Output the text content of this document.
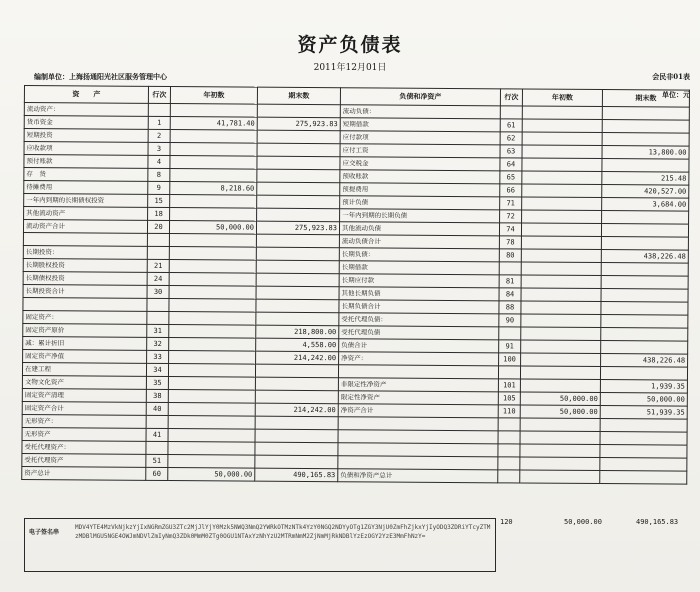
资产负债表
2011年12月01日
编制单位：上海扬通阳光社区服务管理中心	会民非01表
单位：元
资　　产	行次	年初数	期末数	负债和净资产	行次	年初数	期末数
流动资产：				流动负债：			
货币资金	1	41,781.40	275,923.83	短期借款	61		
短期投资	2			应付款项	62		
应收款项	3			应付工资	63		13,800.00
预付账款	4			应交税金	64		
存　货	8			预收账款	65		215.48
待摊费用	9	8,218.60		预提费用	66		420,527.00
一年内到期的长期债权投资	15			预计负债	71		3,684.00
其他流动资产	18			一年内到期的长期负债	72		
流动资产合计	20	50,000.00	275,923.83	其他流动负债	74		
				流动负债合计	78		
长期投资：				长期负债：	80		438,226.48
长期股权投资	21			长期借款			
长期债权投资	24			长期应付款	81		
长期投资合计	30			其他长期负债	84		
				长期负债合计	88		
固定资产：				受托代理负债：	90		
固定资产原价	31		218,800.00	受托代理负债			
减：累计折旧	32		4,558.00	负债合计	91		
固定资产净值	33		214,242.00	净资产：	100		438,226.48
在建工程	34						
文物文化资产	35			非限定性净资产	101		1,939.35
固定资产清理	38			限定性净资产	105	50,000.00	50,000.00
固定资产合计	40		214,242.00	净资产合计	110	50,000.00	51,939.35
无形资产：							
无形资产	41						
受托代理资产：							
受托代理资产	51						
资产总计	60	50,000.00	490,165.83	负债和净资产总计			
电子签名串
MDV4YTE4MzVkNjkzYjIxNGRmZGU3ZTc2MjJlYjY0Mzk5NWQ3NmQ2YWRkOTMzNTk4YzY0NGQ2NDYyOTg1ZGY3NjU0ZmFhZjkxYjIyODQ3ZDRiYTcyZTMzMDBlMGU5NGE4OWJmNDVlZmIyNmQ3ZDk0MmM0ZTg0OGU1NTAxYzNhYzU2MTRmNmM2ZjNmMjRkNDBlYzEzOGY2YzE3MmFhNzY=
120	50,000.00	490,165.83
